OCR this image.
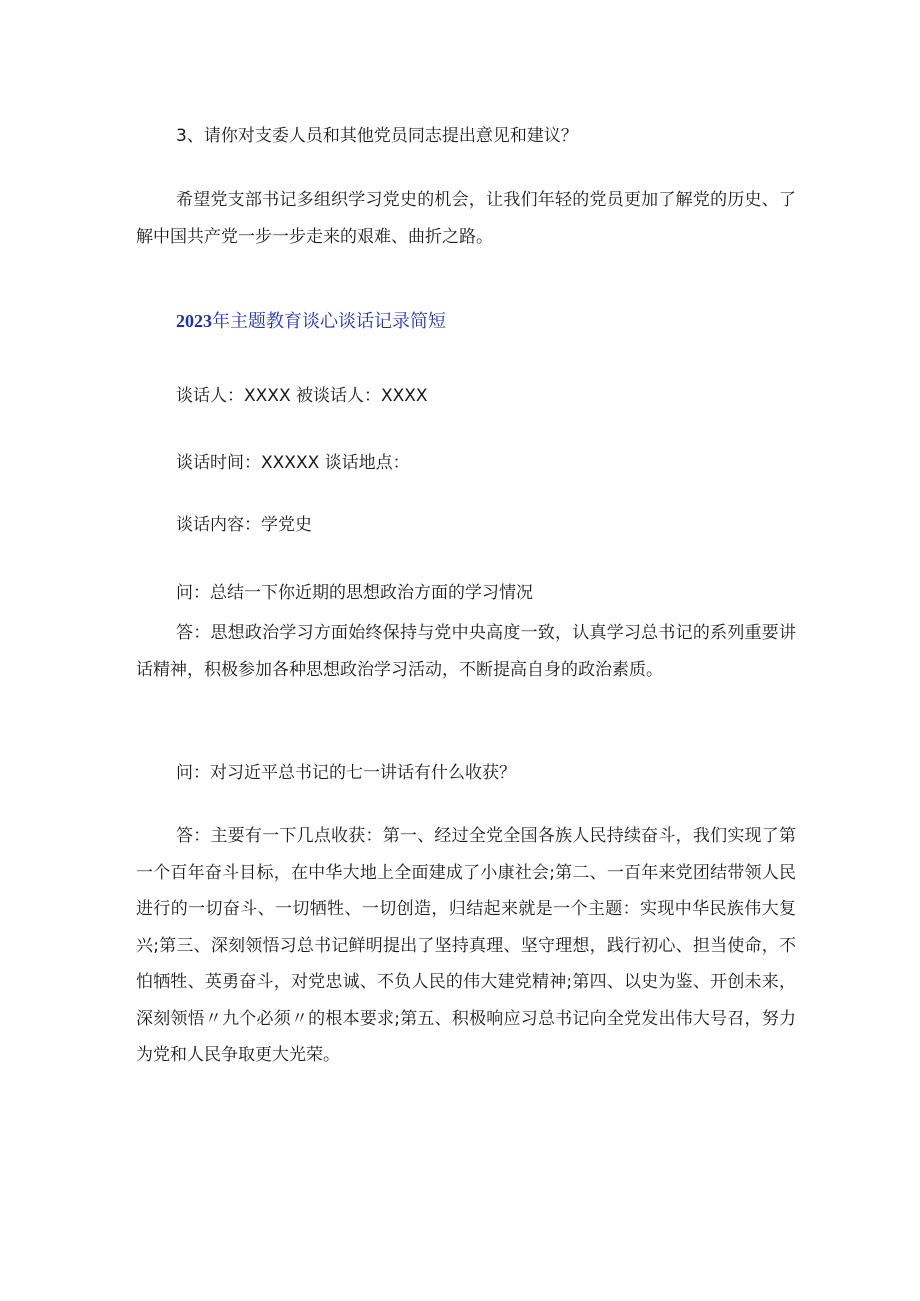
3、请你对支委人员和其他党员同志提出意见和建议？

希望党支部书记多组织学习党史的机会，让我们年轻的党员更加了解党的历史、了解中国共产党一步一步走来的艰难、曲折之路。

2023年主题教育谈心谈话记录简短

谈话人：XXXX 被谈话人：XXXX

谈话时间：XXXXX 谈话地点：

谈话内容：学党史

问：总结一下你近期的思想政治方面的学习情况

答：思想政治学习方面始终保持与党中央高度一致，认真学习总书记的系列重要讲话精神，积极参加各种思想政治学习活动，不断提高自身的政治素质。

问：对习近平总书记的七一讲话有什么收获？

答：主要有一下几点收获：第一、经过全党全国各族人民持续奋斗，我们实现了第一个百年奋斗目标，在中华大地上全面建成了小康社会;第二、一百年来党团结带领人民进行的一切奋斗、一切牺牲、一切创造，归结起来就是一个主题：实现中华民族伟大复兴;第三、深刻领悟习总书记鲜明提出了坚持真理、坚守理想，践行初心、担当使命，不怕牺牲、英勇奋斗，对党忠诚、不负人民的伟大建党精神;第四、以史为鉴、开创未来，深刻领悟〃九个必须〃的根本要求;第五、积极响应习总书记向全党发出伟大号召，努力为党和人民争取更大光荣。
